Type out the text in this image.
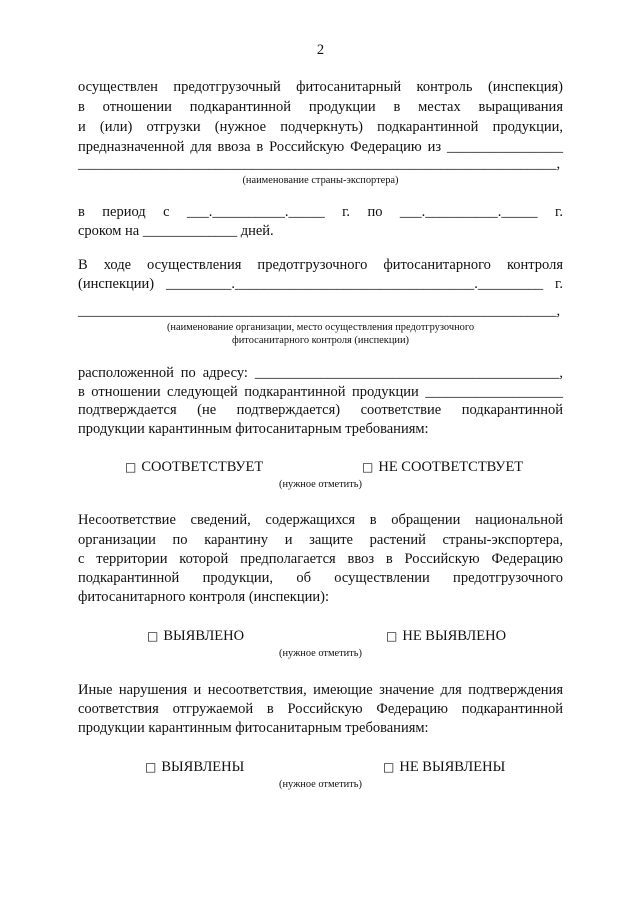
2
осуществлен предотгрузочный фитосанитарный контроль (инспекция)
в отношении подкарантинной продукции в местах выращивания
и (или) отгрузки (нужное подчеркнуть) подкарантинной продукции,
предназначенной для ввоза в Российскую Федерацию из ________________
__________________________________________________________________,
(наименование страны-экспортера)
в период с ___.__________._____ г. по ___.__________._____ г.
сроком на _____________ дней.
В ходе осуществления предотгрузочного фитосанитарного контроля
(инспекции) _________._________________________________._________ г.
__________________________________________________________________,
(наименование организации, место осуществления предотгрузочного
фитосанитарного контроля (инспекции)
расположенной по адресу: __________________________________________,
в отношении следующей подкарантинной продукции ___________________
подтверждается (не подтверждается) соответствие подкарантинной
продукции карантинным фитосанитарным требованиям:
□ СООТВЕТСТВУЕТ	□ НЕ СООТВЕТСТВУЕТ
(нужное отметить)
Несоответствие сведений, содержащихся в обращении национальной
организации по карантину и защите растений страны-экспортера,
с территории которой предполагается ввоз в Российскую Федерацию
подкарантинной продукции, об осуществлении предотгрузочного
фитосанитарного контроля (инспекции):
□ ВЫЯВЛЕНО	□ НЕ ВЫЯВЛЕНО
(нужное отметить)
Иные нарушения и несоответствия, имеющие значение для подтверждения
соответствия отгружаемой в Российскую Федерацию подкарантинной
продукции карантинным фитосанитарным требованиям:
□ ВЫЯВЛЕНЫ	□ НЕ ВЫЯВЛЕНЫ
(нужное отметить)
